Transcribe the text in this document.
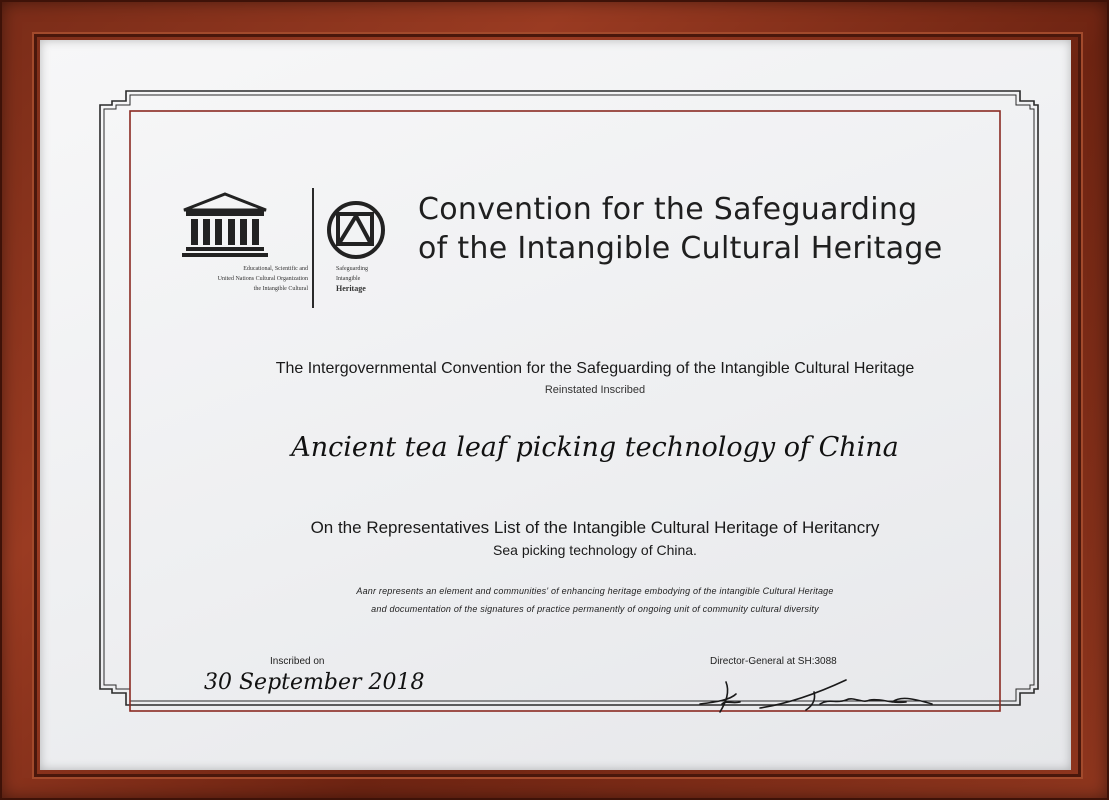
Educational, Scientific and
United Nations Cultural Organization
the Intangible Cultural
Safeguarding
Intangible
Heritage
Convention for the Safeguarding
of the Intangible Cultural Heritage
The Intergovernmental Convention for the Safeguarding of the Intangible Cultural Heritage
Reinstated Inscribed
Ancient tea leaf picking technology of China
On the Representatives List of the Intangible Cultural Heritage of Heritancry
Sea picking technology of China.
Aanr represents an element and communities' of enhancing heritage embodying of the intangible Cultural Heritage
and documentation of the signatures of practice permanently of ongoing unit of community cultural diversity
Inscribed on
30 September 2018
Director-General at SH:3088
